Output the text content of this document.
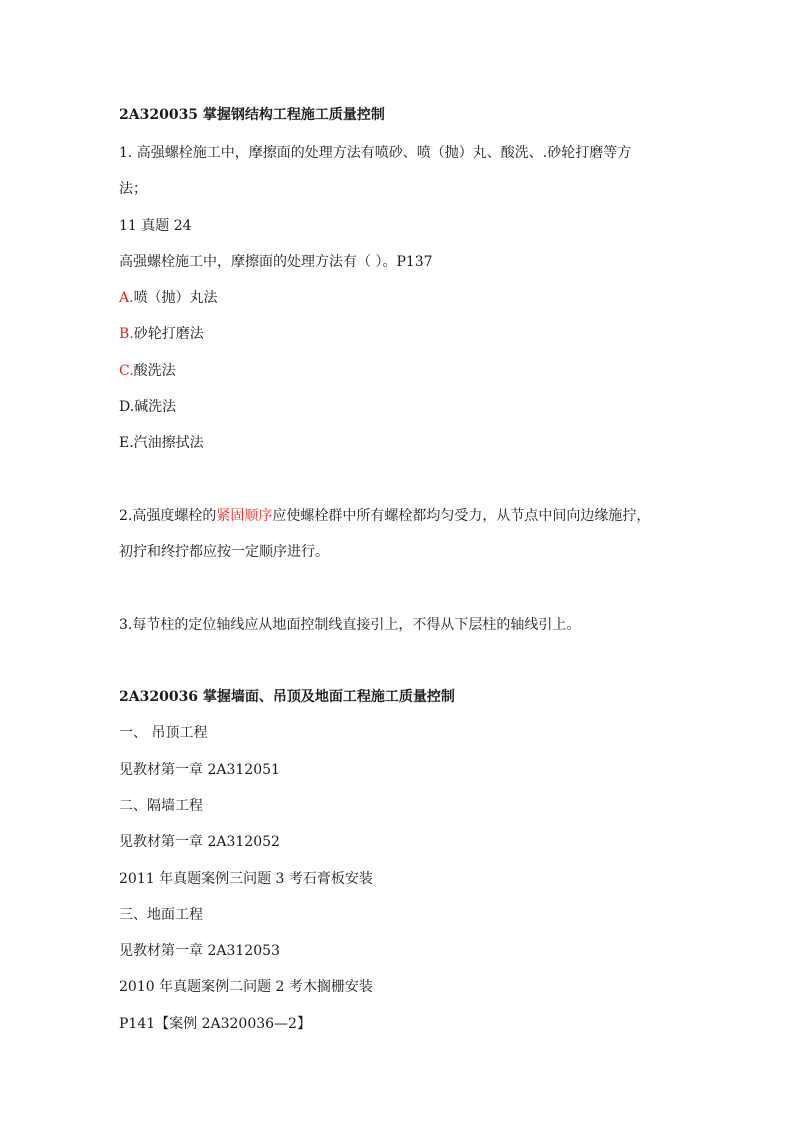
2A320035 掌握钢结构工程施工质量控制
1. 高强螺栓施工中，摩擦面的处理方法有喷砂、喷（抛）丸、酸洗、.砂轮打磨等方
法；
11 真题 24
高强螺栓施工中，摩擦面的处理方法有（ ）。P137
A.喷（抛）丸法
B.砂轮打磨法
C.酸洗法
D.碱洗法
E.汽油擦拭法
2.高强度螺栓的紧固顺序应使螺栓群中所有螺栓都均匀受力，从节点中间向边缘施拧，
初拧和终拧都应按一定顺序进行。
3.每节柱的定位轴线应从地面控制线直接引上，不得从下层柱的轴线引上。
2A320036 掌握墙面、吊顶及地面工程施工质量控制
一、 吊顶工程
见教材第一章 2A312051
二、隔墙工程
见教材第一章 2A312052
2011 年真题案例三问题 3 考石膏板安装
三、地面工程
见教材第一章 2A312053
2010 年真题案例二问题 2 考木搁栅安装
P141【案例 2A320036—2】
